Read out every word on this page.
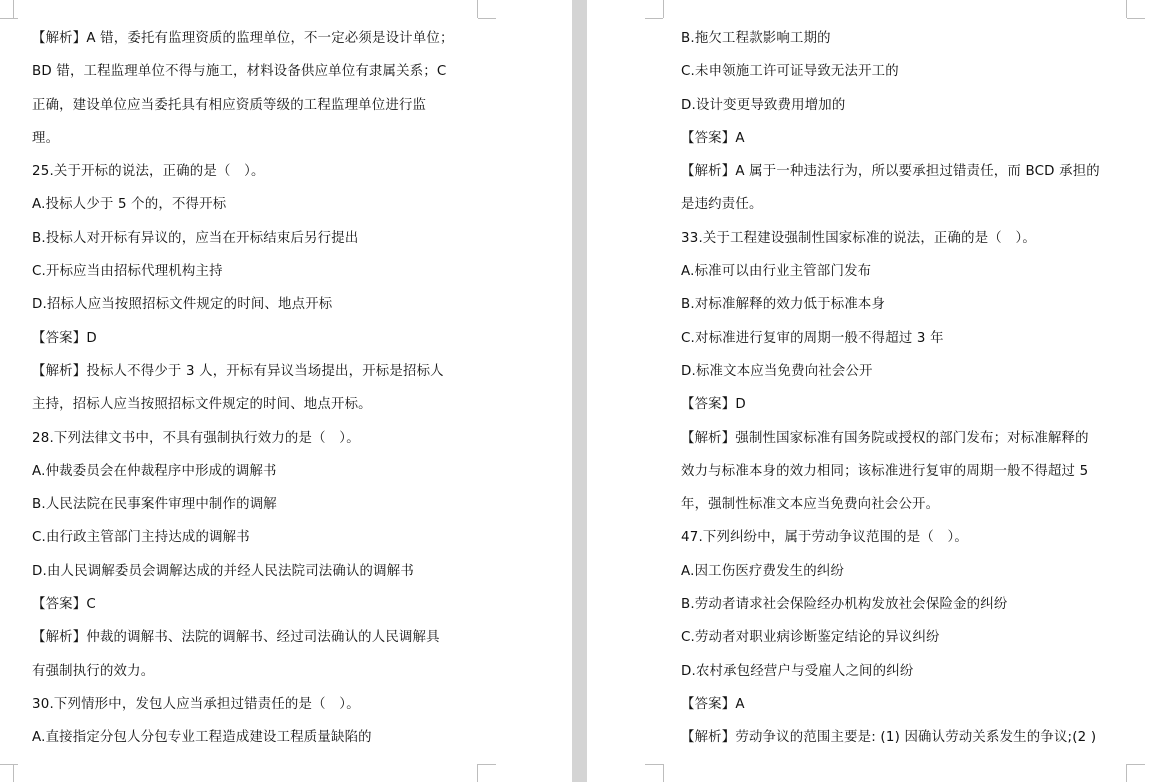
【解析】A 错，委托有监理资质的监理单位，不一定必须是设计单位；
BD 错，工程监理单位不得与施工，材料设备供应单位有隶属关系；C
正确，建设单位应当委托具有相应资质等级的工程监理单位进行监
理。
25.关于开标的说法，正确的是（　）。
A.投标人少于 5 个的，不得开标
B.投标人对开标有异议的，应当在开标结束后另行提出
C.开标应当由招标代理机构主持
D.招标人应当按照招标文件规定的时间、地点开标
【答案】D
【解析】投标人不得少于 3 人，开标有异议当场提出，开标是招标人
主持，招标人应当按照招标文件规定的时间、地点开标。
28.下列法律文书中，不具有强制执行效力的是（　）。
A.仲裁委员会在仲裁程序中形成的调解书
B.人民法院在民事案件审理中制作的调解
C.由行政主管部门主持达成的调解书
D.由人民调解委员会调解达成的并经人民法院司法确认的调解书
【答案】C
【解析】仲裁的调解书、法院的调解书、经过司法确认的人民调解具
有强制执行的效力。
30.下列情形中，发包人应当承担过错责任的是（　）。
A.直接指定分包人分包专业工程造成建设工程质量缺陷的
B.拖欠工程款影响工期的
C.未申领施工许可证导致无法开工的
D.设计变更导致费用增加的
【答案】A
【解析】A 属于一种违法行为，所以要承担过错责任，而 BCD 承担的
是违约责任。
33.关于工程建设强制性国家标准的说法，正确的是（　）。
A.标准可以由行业主管部门发布
B.对标准解释的效力低于标准本身
C.对标准进行复审的周期一般不得超过 3 年
D.标准文本应当免费向社会公开
【答案】D
【解析】强制性国家标准有国务院或授权的部门发布；对标准解释的
效力与标准本身的效力相同；该标准进行复审的周期一般不得超过 5
年，强制性标准文本应当免费向社会公开。
47.下列纠纷中，属于劳动争议范围的是（　）。
A.因工伤医疗费发生的纠纷
B.劳动者请求社会保险经办机构发放社会保险金的纠纷
C.劳动者对职业病诊断鉴定结论的异议纠纷
D.农村承包经营户与受雇人之间的纠纷
【答案】A
【解析】劳动争议的范围主要是: (1) 因确认劳动关系发生的争议;(2 )
